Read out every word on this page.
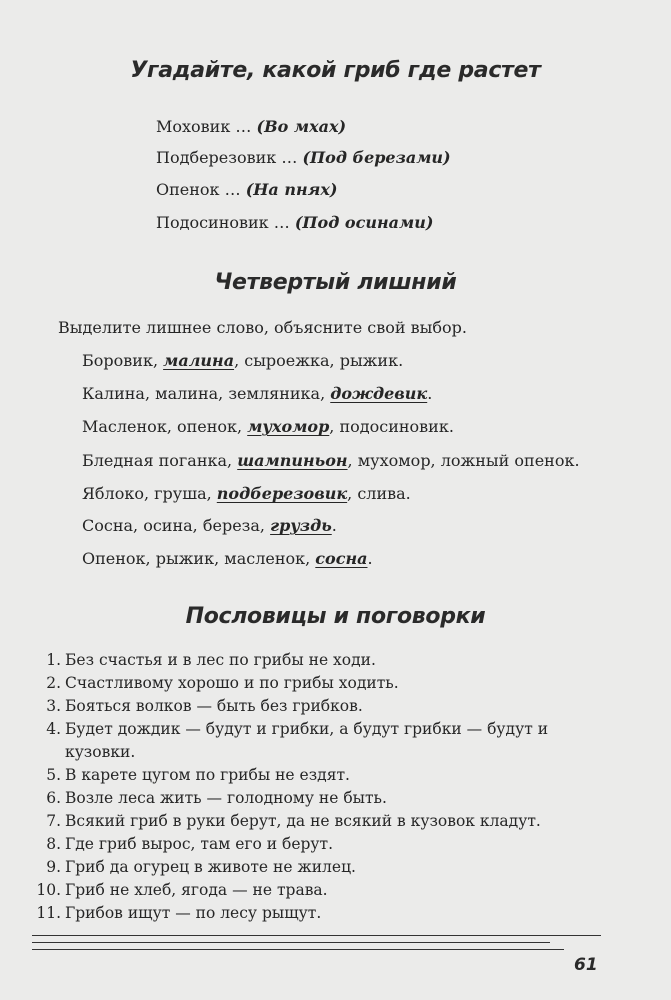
Угадайте, какой гриб где растет
Моховик … (Во мхах)
Подберезовик … (Под березами)
Опенок … (На пнях)
Подосиновик … (Под осинами)
Четвертый лишний
Выделите лишнее слово, объясните свой выбор.
Боровик, малина, сыроежка, рыжик.
Калина, малина, земляника, дождевик.
Масленок, опенок, мухомор, подосиновик.
Бледная поганка, шампиньон, мухомор, ложный опенок.
Яблоко, груша, подберезовик, слива.
Сосна, осина, береза, груздь.
Опенок, рыжик, масленок, сосна.
Пословицы и поговорки
1. Без счастья и в лес по грибы не ходи.
2. Счастливому хорошо и по грибы ходить.
3. Бояться волков — быть без грибков.
4. Будет дождик — будут и грибки, а будут грибки — будут и
кузовки.
5. В карете цугом по грибы не ездят.
6. Возле леса жить — голодному не быть.
7. Всякий гриб в руки берут, да не всякий в кузовок кладут.
8. Где гриб вырос, там его и берут.
9. Гриб да огурец в животе не жилец.
10. Гриб не хлеб, ягода — не трава.
11. Грибов ищут — по лесу рыщут.
61
